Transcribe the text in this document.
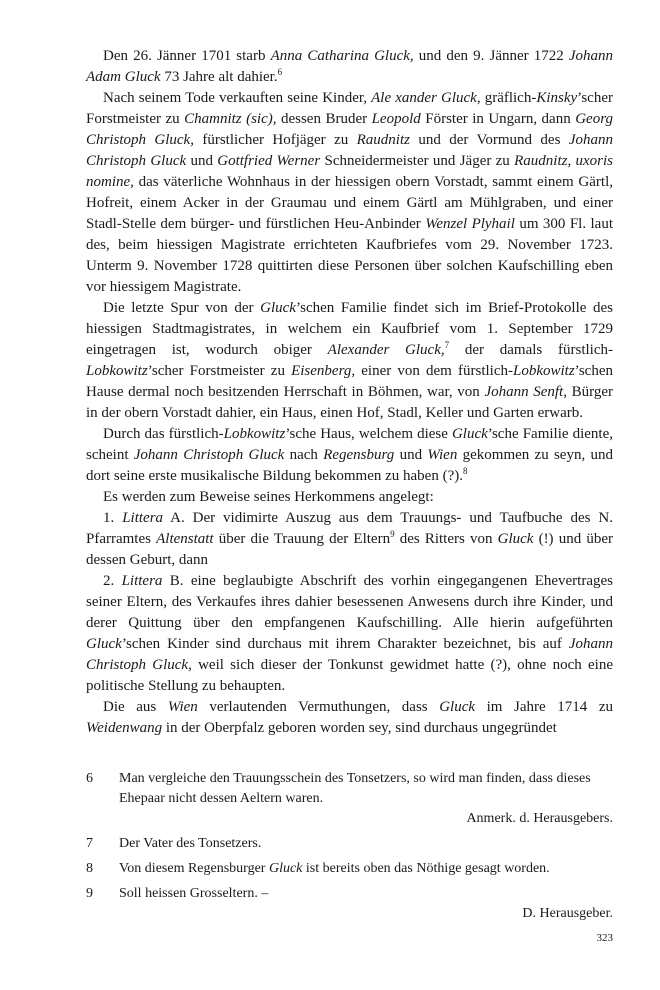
Den 26. Jänner 1701 starb Anna Catharina Gluck, und den 9. Jänner 1722 Johann Adam Gluck 73 Jahre alt dahier.$^6$

Nach seinem Tode verkauften seine Kinder, Ale xander Gluck, gräflich-Kinsky’scher Forstmeister zu Chamnitz (sic), dessen Bruder Leopold Förster in Ungarn, dann Georg Christoph Gluck, fürstlicher Hofjäger zu Raudnitz und der Vormund des Johann Christoph Gluck und Gottfried Werner Schneidermeister und Jäger zu Raudnitz, uxoris nomine, das väterliche Wohnhaus in der hiessigen obern Vorstadt, sammt einem Gärtl, Hofreit, einem Acker in der Graumau und einem Gärtl am Mühlgraben, und einer Stadl-Stelle dem bürger- und fürstlichen Heu-Anbinder Wenzel Plyhail um 300 Fl. laut des, beim hiessigen Magistrate errichteten Kaufbriefes vom 29. November 1723. Unterm 9. November 1728 quittirten diese Personen über solchen Kaufschilling eben vor hiessigem Magistrate.

Die letzte Spur von der Gluck’schen Familie findet sich im Brief-Protokolle des hiessigen Stadtmagistrates, in welchem ein Kaufbrief vom 1. September 1729 eingetragen ist, wodurch obiger Alexander Gluck,$^7$ der damals fürstlich-Lobkowitz’scher Forstmeister zu Eisenberg, einer von dem fürstlich-Lobkowitz’schen Hause dermal noch besitzenden Herrschaft in Böhmen, war, von Johann Senft, Bürger in der obern Vorstadt dahier, ein Haus, einen Hof, Stadl, Keller und Garten erwarb.

Durch das fürstlich-Lobkowitz’sche Haus, welchem diese Gluck’sche Familie diente, scheint Johann Christoph Gluck nach Regensburg und Wien gekommen zu seyn, und dort seine erste musikalische Bildung bekommen zu haben (?).$^8$

Es werden zum Beweise seines Herkommens angelegt:

1. Littera A. Der vidimirte Auszug aus dem Trauungs- und Taufbuche des N. Pfarramtes Altenstatt über die Trauung der Eltern$^9$ des Ritters von Gluck (!) und über dessen Geburt, dann

2. Littera B. eine beglaubigte Abschrift des vorhin eingegangenen Ehevertrages seiner Eltern, des Verkaufes ihres dahier besessenen Anwesens durch ihre Kinder, und derer Quittung über den empfangenen Kaufschilling. Alle hierin aufgeführten Gluck’schen Kinder sind durchaus mit ihrem Charakter bezeichnet, bis auf Johann Christoph Gluck, weil sich dieser der Tonkunst gewidmet hatte (?), ohne noch eine politische Stellung zu behaupten.

Die aus Wien verlautenden Vermuthungen, dass Gluck im Jahre 1714 zu Weidenwang in der Oberpfalz geboren worden sey, sind durchaus ungegründet

6 Man vergleiche den Trauungsschein des Tonsetzers, so wird man finden, dass dieses Ehepaar nicht dessen Aeltern waren.
Anmerk. d. Herausgebers.
7 Der Vater des Tonsetzers.
8 Von diesem Regensburger Gluck ist bereits oben das Nöthige gesagt worden.
9 Soll heissen Grosseltern. –
D. Herausgeber.
323
